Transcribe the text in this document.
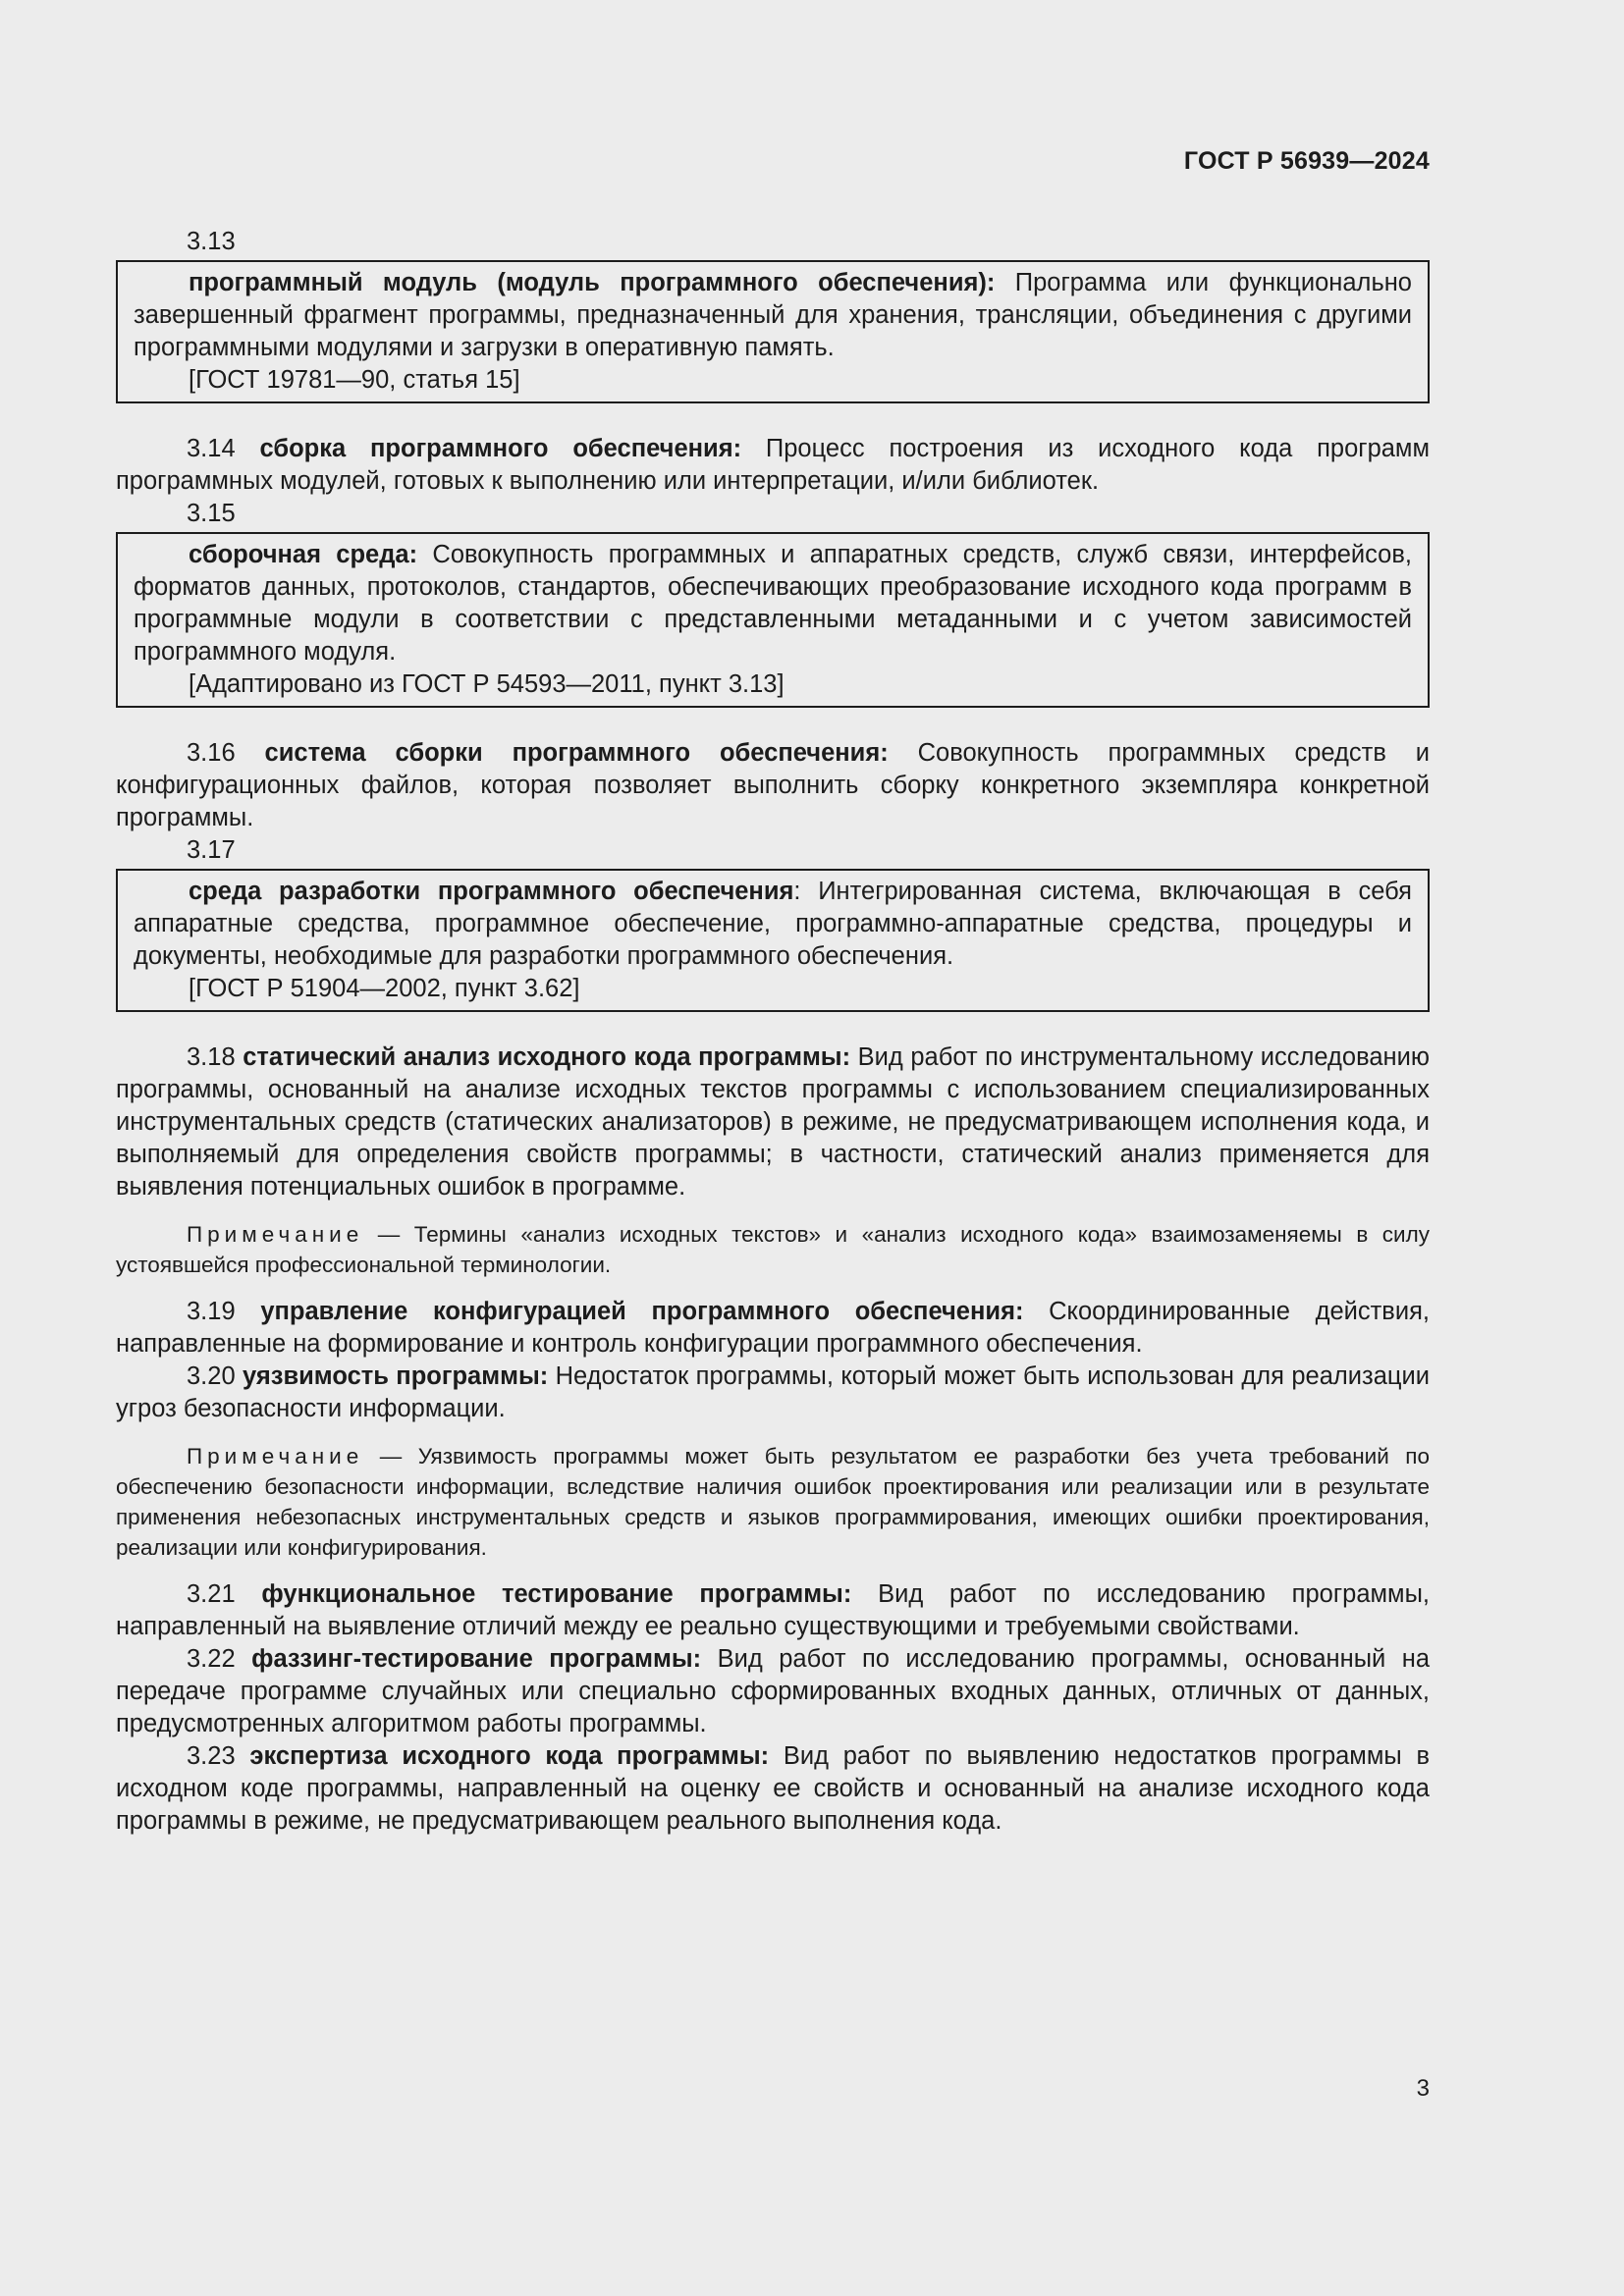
ГОСТ Р 56939—2024
3.13

программный модуль (модуль программного обеспечения): Программа или функционально завершенный фрагмент программы, предназначенный для хранения, трансляции, объединения с другими программными модулями и загрузки в оперативную память.

[ГОСТ 19781—90, статья 15]

3.14 сборка программного обеспечения: Процесс построения из исходного кода программ программных модулей, готовых к выполнению или интерпретации, и/или библиотек.

3.15

сборочная среда: Совокупность программных и аппаратных средств, служб связи, интерфейсов, форматов данных, протоколов, стандартов, обеспечивающих преобразование исходного кода программ в программные модули в соответствии с представленными метаданными и с учетом зависимостей программного модуля.

[Адаптировано из ГОСТ Р 54593—2011, пункт 3.13]

3.16 система сборки программного обеспечения: Совокупность программных средств и конфигурационных файлов, которая позволяет выполнить сборку конкретного экземпляра конкретной программы.

3.17

среда разработки программного обеспечения: Интегрированная система, включающая в себя аппаратные средства, программное обеспечение, программно-аппаратные средства, процедуры и документы, необходимые для разработки программного обеспечения.

[ГОСТ Р 51904—2002, пункт 3.62]

3.18 статический анализ исходного кода программы: Вид работ по инструментальному исследованию программы, основанный на анализе исходных текстов программы с использованием специализированных инструментальных средств (статических анализаторов) в режиме, не предусматривающем исполнения кода, и выполняемый для определения свойств программы; в частности, статический анализ применяется для выявления потенциальных ошибок в программе.

Примечание — Термины «анализ исходных текстов» и «анализ исходного кода» взаимозаменяемы в силу устоявшейся профессиональной терминологии.

3.19 управление конфигурацией программного обеспечения: Скоординированные действия, направленные на формирование и контроль конфигурации программного обеспечения.

3.20 уязвимость программы: Недостаток программы, который может быть использован для реализации угроз безопасности информации.

Примечание — Уязвимость программы может быть результатом ее разработки без учета требований по обеспечению безопасности информации, вследствие наличия ошибок проектирования или реализации или в результате применения небезопасных инструментальных средств и языков программирования, имеющих ошибки проектирования, реализации или конфигурирования.

3.21 функциональное тестирование программы: Вид работ по исследованию программы, направленный на выявление отличий между ее реально существующими и требуемыми свойствами.

3.22 фаззинг-тестирование программы: Вид работ по исследованию программы, основанный на передаче программе случайных или специально сформированных входных данных, отличных от данных, предусмотренных алгоритмом работы программы.

3.23 экспертиза исходного кода программы: Вид работ по выявлению недостатков программы в исходном коде программы, направленный на оценку ее свойств и основанный на анализе исходного кода программы в режиме, не предусматривающем реального выполнения кода.

3
